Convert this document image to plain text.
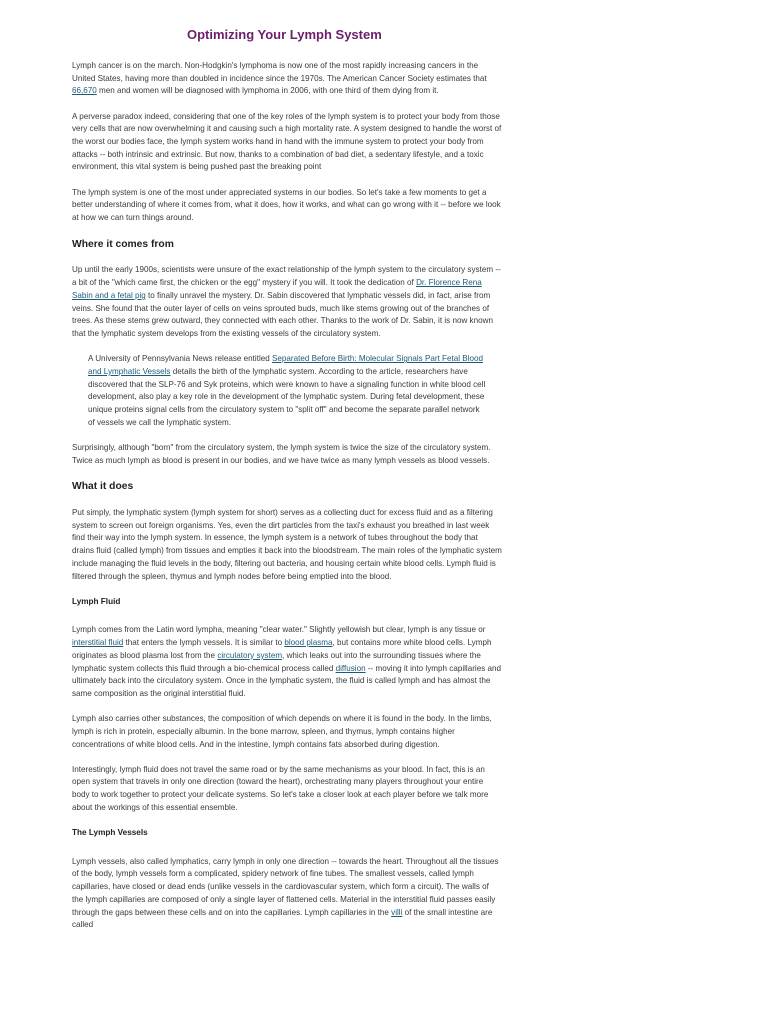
Optimizing Your Lymph System

Lymph cancer is on the march. Non-Hodgkin's lymphoma is now one of the most rapidly increasing cancers in the United States, having more than doubled in incidence since the 1970s. The American Cancer Society estimates that 66,670 men and women will be diagnosed with lymphoma in 2006, with one third of them dying from it.

A perverse paradox indeed, considering that one of the key roles of the lymph system is to protect your body from those very cells that are now overwhelming it and causing such a high mortality rate. A system designed to handle the worst of the worst our bodies face, the lymph system works hand in hand with the immune system to protect your body from attacks -- both intrinsic and extrinsic. But now, thanks to a combination of bad diet, a sedentary lifestyle, and a toxic environment, this vital system is being pushed past the breaking point

The lymph system is one of the most under appreciated systems in our bodies. So let's take a few moments to get a better understanding of where it comes from, what it does, how it works, and what can go wrong with it -- before we look at how we can turn things around.

Where it comes from

Up until the early 1900s, scientists were unsure of the exact relationship of the lymph system to the circulatory system -- a bit of the "which came first, the chicken or the egg" mystery if you will. It took the dedication of Dr. Florence Rena Sabin and a fetal pig to finally unravel the mystery. Dr. Sabin discovered that lymphatic vessels did, in fact, arise from veins. She found that the outer layer of cells on veins sprouted buds, much like stems growing out of the branches of trees. As these stems grew outward, they connected with each other. Thanks to the work of Dr. Sabin, it is now known that the lymphatic system develops from the existing vessels of the circulatory system.

A University of Pennsylvania News release entitled Separated Before Birth: Molecular Signals Part Fetal Blood and Lymphatic Vessels details the birth of the lymphatic system. According to the article, researchers have discovered that the SLP-76 and Syk proteins, which were known to have a signaling function in white blood cell development, also play a key role in the development of the lymphatic system. During fetal development, these unique proteins signal cells from the circulatory system to "split off" and become the separate parallel network of vessels we call the lymphatic system.

Surprisingly, although "born" from the circulatory system, the lymph system is twice the size of the circulatory system. Twice as much lymph as blood is present in our bodies, and we have twice as many lymph vessels as blood vessels.

What it does

Put simply, the lymphatic system (lymph system for short) serves as a collecting duct for excess fluid and as a filtering system to screen out foreign organisms. Yes, even the dirt particles from the taxi's exhaust you breathed in last week find their way into the lymph system. In essence, the lymph system is a network of tubes throughout the body that drains fluid (called lymph) from tissues and empties it back into the bloodstream. The main roles of the lymphatic system include managing the fluid levels in the body, filtering out bacteria, and housing certain white blood cells. Lymph fluid is filtered through the spleen, thymus and lymph nodes before being emptied into the blood.

Lymph Fluid

Lymph comes from the Latin word lympha, meaning "clear water." Slightly yellowish but clear, lymph is any tissue or interstitial fluid that enters the lymph vessels. It is similar to blood plasma, but contains more white blood cells. Lymph originates as blood plasma lost from the circulatory system, which leaks out into the surrounding tissues where the lymphatic system collects this fluid through a bio-chemical process called diffusion -- moving it into lymph capillaries and ultimately back into the circulatory system. Once in the lymphatic system, the fluid is called lymph and has almost the same composition as the original interstitial fluid.

Lymph also carries other substances, the composition of which depends on where it is found in the body. In the limbs, lymph is rich in protein, especially albumin. In the bone marrow, spleen, and thymus, lymph contains higher concentrations of white blood cells. And in the intestine, lymph contains fats absorbed during digestion.

Interestingly, lymph fluid does not travel the same road or by the same mechanisms as your blood. In fact, this is an open system that travels in only one direction (toward the heart), orchestrating many players throughout your entire body to work together to protect your delicate systems. So let's take a closer look at each player before we talk more about the workings of this essential ensemble.

The Lymph Vessels

Lymph vessels, also called lymphatics, carry lymph in only one direction -- towards the heart. Throughout all the tissues of the body, lymph vessels form a complicated, spidery network of fine tubes. The smallest vessels, called lymph capillaries, have closed or dead ends (unlike vessels in the cardiovascular system, which form a circuit). The walls of the lymph capillaries are composed of only a single layer of flattened cells. Material in the interstitial fluid passes easily through the gaps between these cells and on into the capillaries. Lymph capillaries in the villi of the small intestine are called
